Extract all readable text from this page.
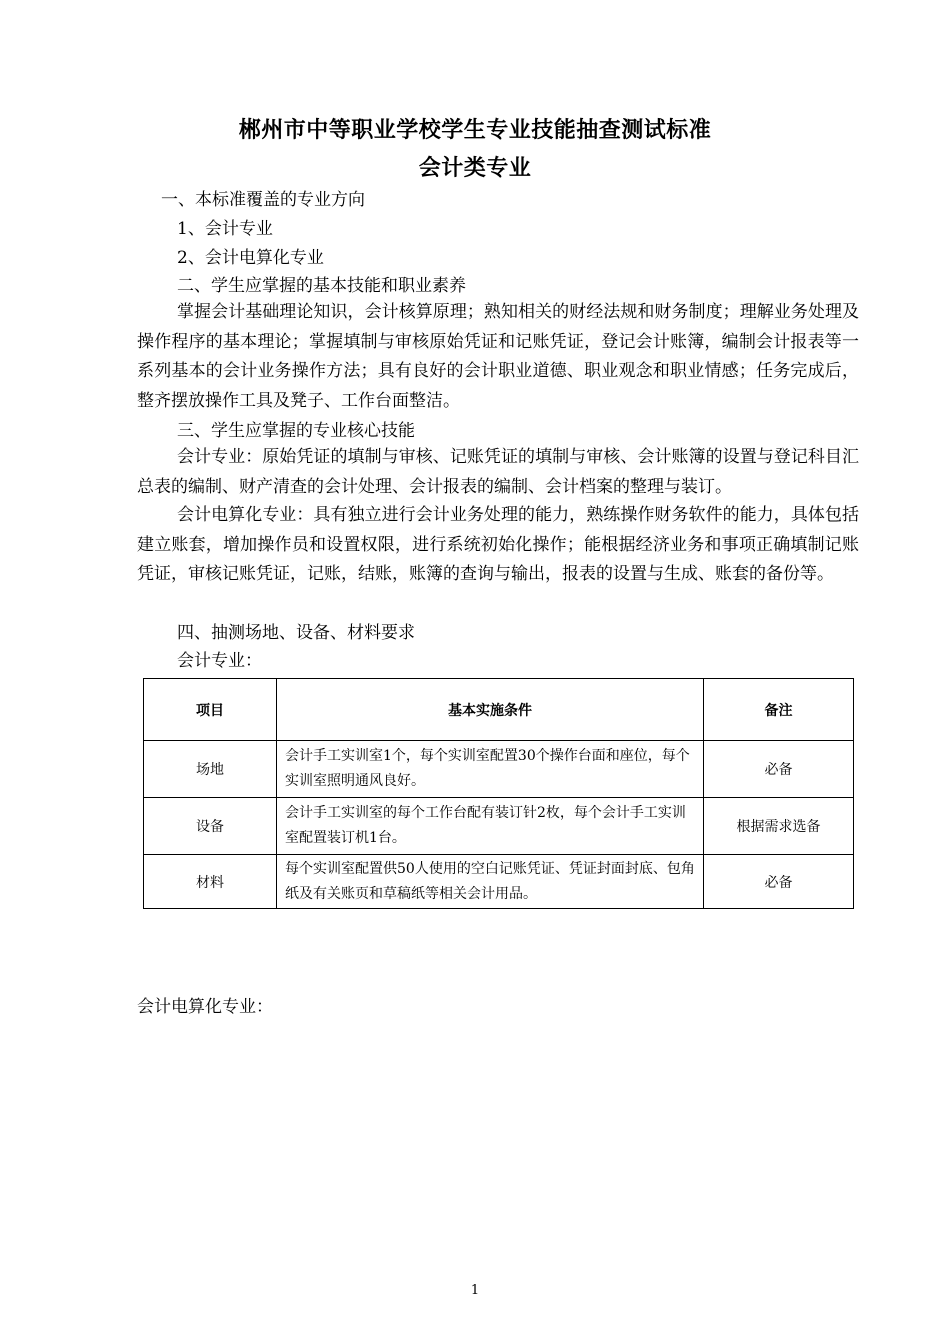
郴州市中等职业学校学生专业技能抽查测试标准
会计类专业
一、本标准覆盖的专业方向
1、会计专业
2、会计电算化专业
二、学生应掌握的基本技能和职业素养

掌握会计基础理论知识，会计核算原理；熟知相关的财经法规和财务制度；理解业务处理及操作程序的基本理论；掌握填制与审核原始凭证和记账凭证，登记会计账簿，编制会计报表等一系列基本的会计业务操作方法；具有良好的会计职业道德、职业观念和职业情感；任务完成后，整齐摆放操作工具及凳子、工作台面整洁。

三、学生应掌握的专业核心技能

会计专业：原始凭证的填制与审核、记账凭证的填制与审核、会计账簿的设置与登记科目汇总表的编制、财产清查的会计处理、会计报表的编制、会计档案的整理与装订。

会计电算化专业：具有独立进行会计业务处理的能力，熟练操作财务软件的能力，具体包括建立账套，增加操作员和设置权限，进行系统初始化操作；能根据经济业务和事项正确填制记账凭证，审核记账凭证，记账，结账，账簿的查询与输出，报表的设置与生成、账套的备份等。

四、抽测场地、设备、材料要求
会计专业：
项目	基本实施条件	备注
场地	会计手工实训室1个，每个实训室配置30个操作台面和座位，每个实训室照明通风良好。	必备
设备	会计手工实训室的每个工作台配有装订针2枚，每个会计手工实训室配置装订机1台。	根据需求选备
材料	每个实训室配置供50人使用的空白记账凭证、凭证封面封底、包角纸及有关账页和草稿纸等相关会计用品。	必备
会计电算化专业：
1
